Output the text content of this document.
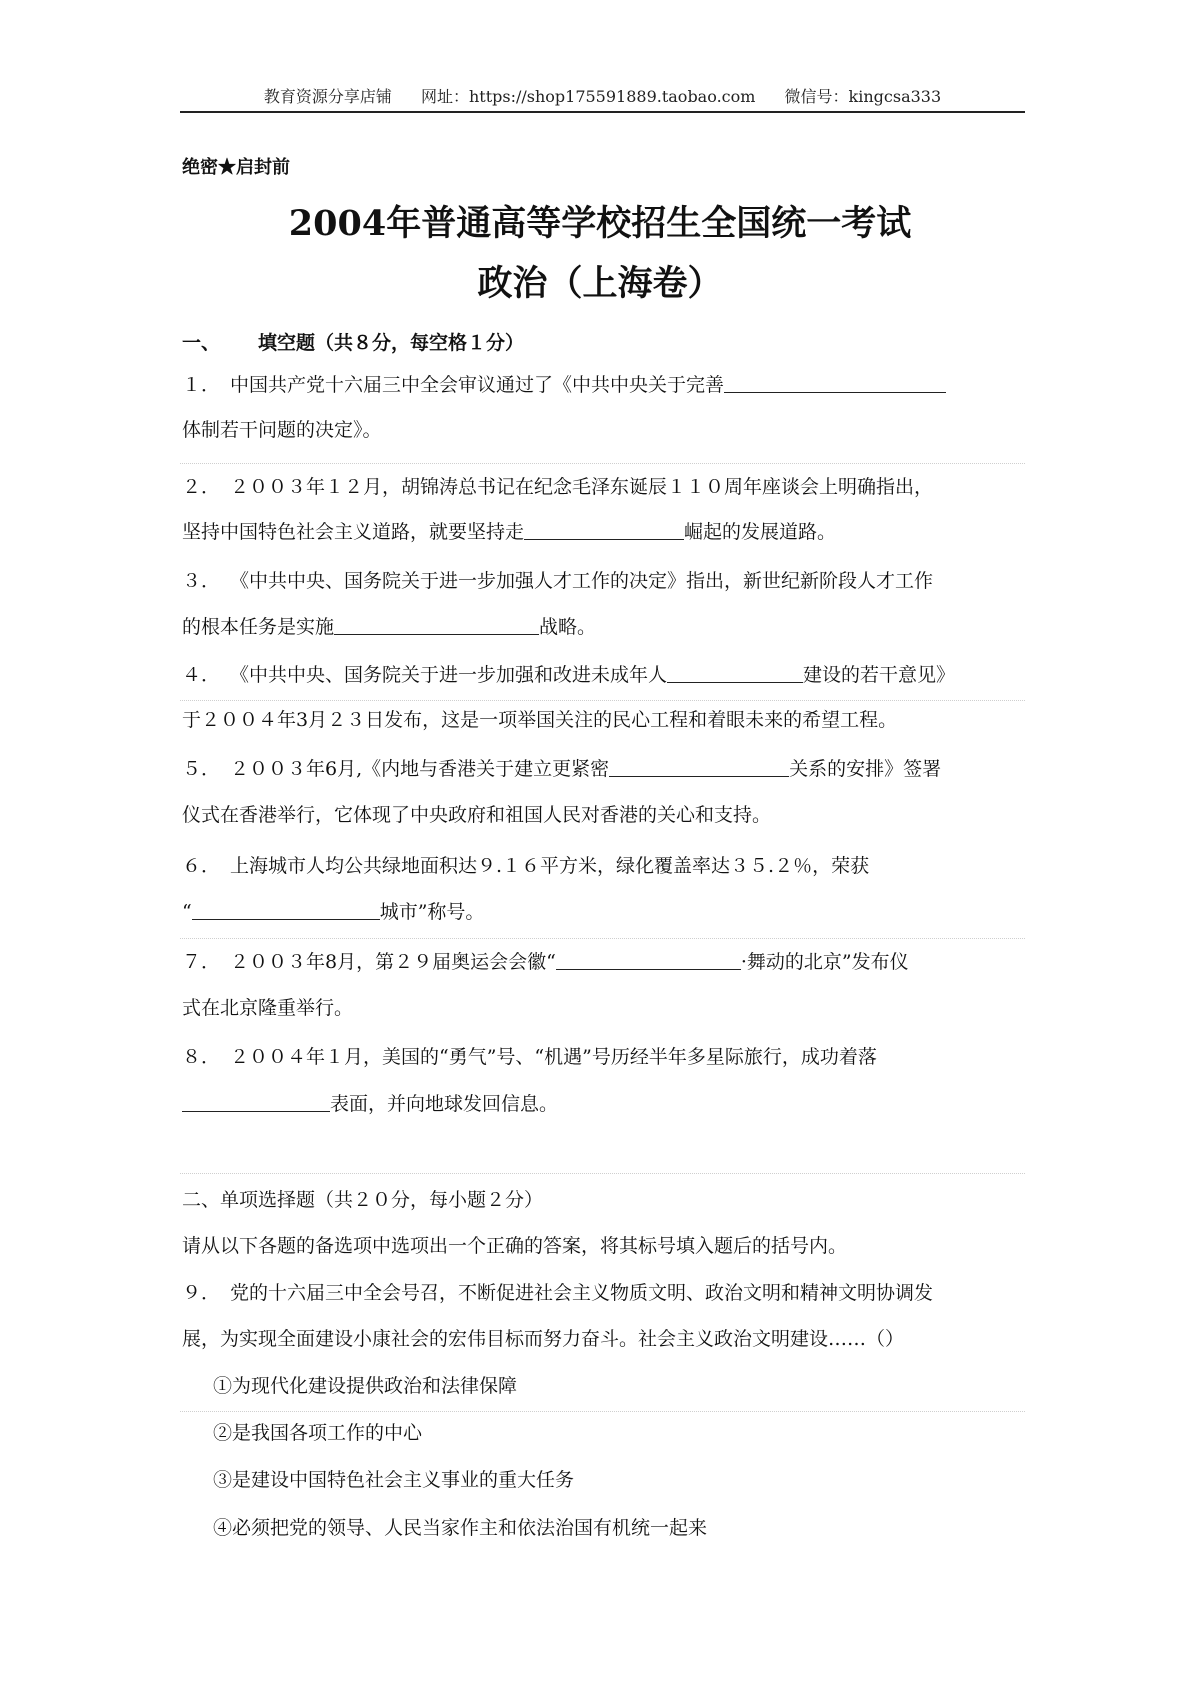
教育资源分享店铺 网址：https://shop175591889.taobao.com 微信号：kingcsa333
绝密★启封前
2004年普通高等学校招生全国统一考试
政治（上海卷）
一、 填空题（共８分，每空格１分）
１． 中国共产党十六届三中全会审议通过了《中共中央关于完善
体制若干问题的决定》。
２． ２００３年１２月，胡锦涛总书记在纪念毛泽东诞辰１１０周年座谈会上明确指出，
坚持中国特色社会主义道路，就要坚持走	崛起的发展道路。
３． 《中共中央、国务院关于进一步加强人才工作的决定》指出，新世纪新阶段人才工作
的根本任务是实施	战略。
４． 《中共中央、国务院关于进一步加强和改进未成年人	建设的若干意见》
于２００４年3月２３日发布，这是一项举国关注的民心工程和着眼未来的希望工程。
５． ２００３年6月,《内地与香港关于建立更紧密	关系的安排》签署
仪式在香港举行，它体现了中央政府和祖国人民对香港的关心和支持。
６． 上海城市人均公共绿地面积达９.１６平方米，绿化覆盖率达３５.２％，荣获
“	城市”称号。
７． ２００３年8月，第２９届奥运会会徽“	·舞动的北京”发布仪
式在北京隆重举行。
８． ２００４年１月，美国的“勇气”号、“机遇”号历经半年多星际旅行，成功着落
表面，并向地球发回信息。
二、单项选择题（共２０分，每小题２分）
请从以下各题的备选项中选项出一个正确的答案，将其标号填入题后的括号内。
９． 党的十六届三中全会号召，不断促进社会主义物质文明、政治文明和精神文明协调发
展，为实现全面建设小康社会的宏伟目标而努力奋斗。社会主义政治文明建设……（）
①为现代化建设提供政治和法律保障
②是我国各项工作的中心
③是建设中国特色社会主义事业的重大任务
④必须把党的领导、人民当家作主和依法治国有机统一起来
